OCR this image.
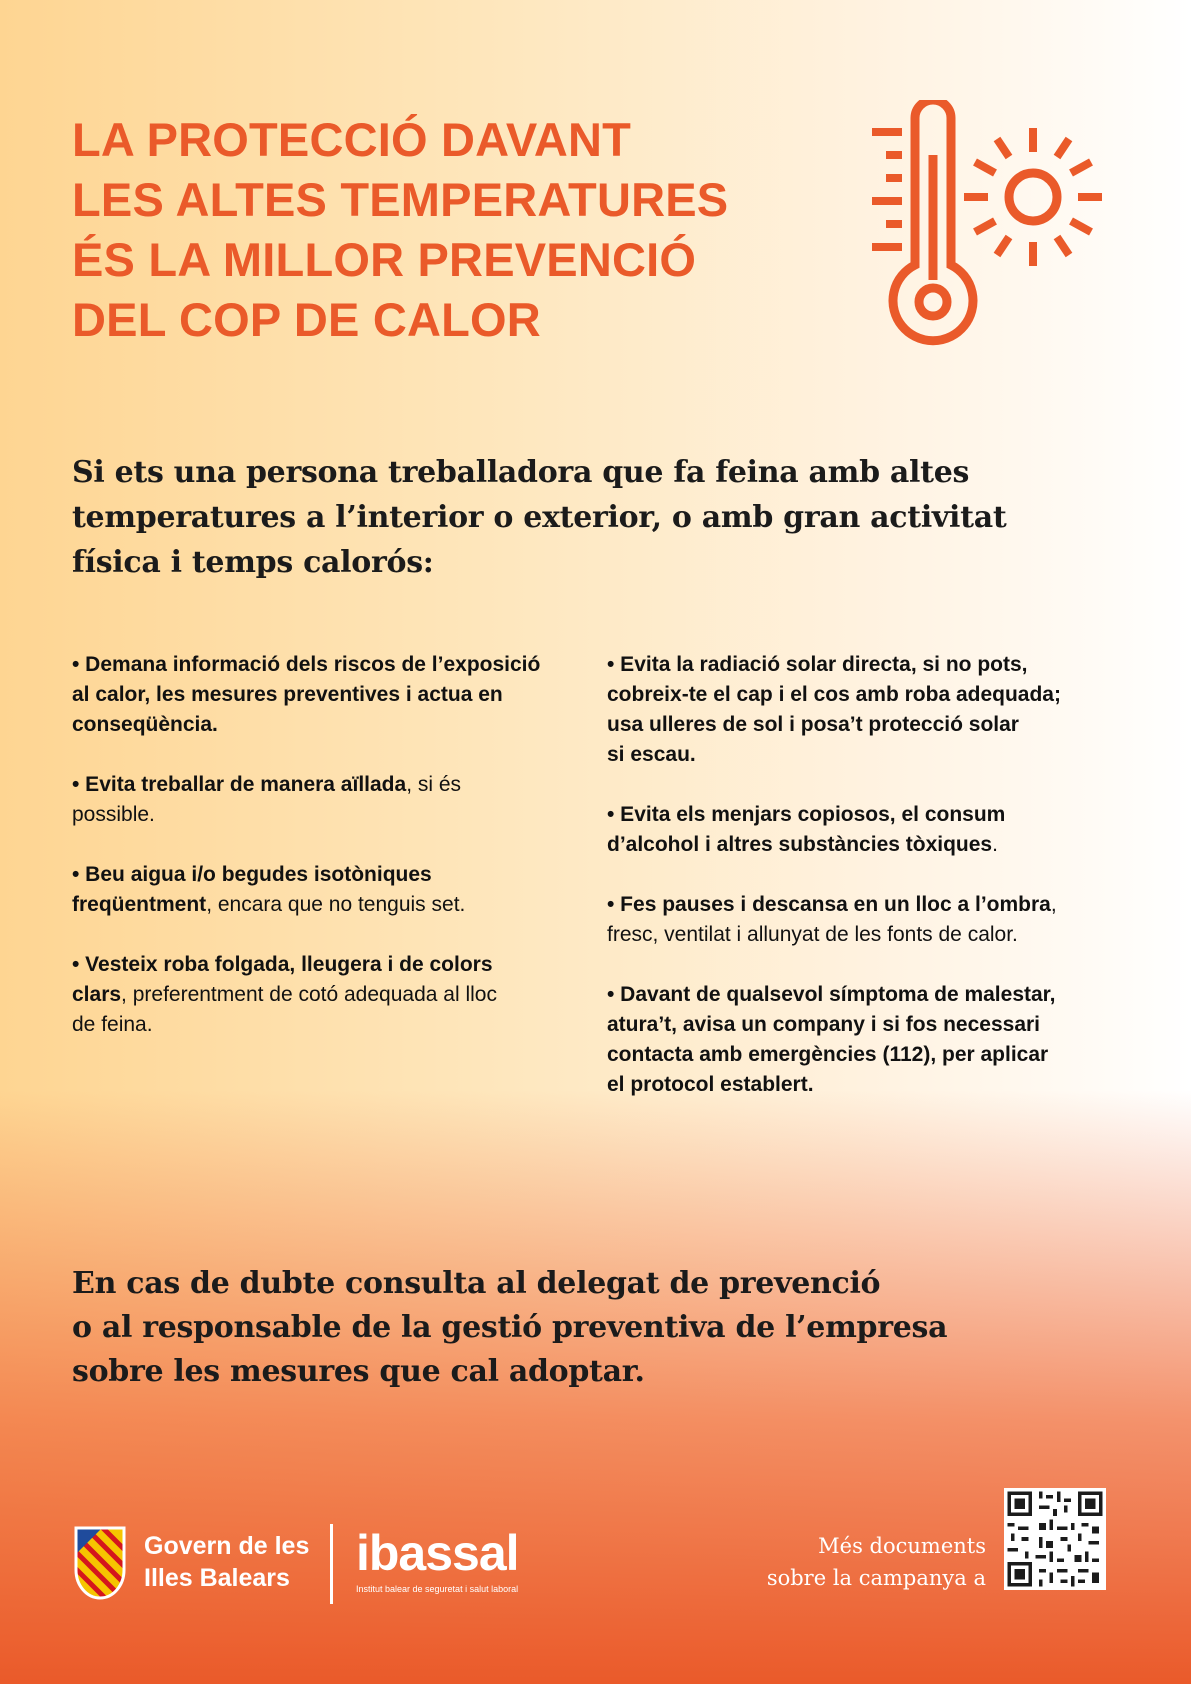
LA PROTECCIÓ DAVANT
LES ALTES TEMPERATURES
ÉS LA MILLOR PREVENCIÓ
DEL COP DE CALOR

Si ets una persona treballadora que fa feina amb altes
temperatures a l’interior o exterior, o amb gran activitat
física i temps calorós:

• Demana informació dels riscos de l’exposició
al calor, les mesures preventives i actua en
conseqüència.

• Evita treballar de manera aïllada, si és
possible.

• Beu aigua i/o begudes isotòniques
freqüentment, encara que no tenguis set.

• Vesteix roba folgada, lleugera i de colors
clars, preferentment de cotó adequada al lloc
de feina.

• Evita la radiació solar directa, si no pots,
cobreix-te el cap i el cos amb roba adequada;
usa ulleres de sol i posa’t protecció solar
si escau.

• Evita els menjars copiosos, el consum
d’alcohol i altres substàncies tòxiques.

• Fes pauses i descansa en un lloc a l’ombra,
fresc, ventilat i allunyat de les fonts de calor.

• Davant de qualsevol símptoma de malestar,
atura’t, avisa un company i si fos necessari
contacta amb emergències (112), per aplicar
el protocol establert.

En cas de dubte consulta al delegat de prevenció
o al responsable de la gestió preventiva de l’empresa
sobre les mesures que cal adoptar.

Govern de les
Illes Balears	ibassal
Institut balear de seguretat i salut laboral
Més documents
sobre la campanya a
